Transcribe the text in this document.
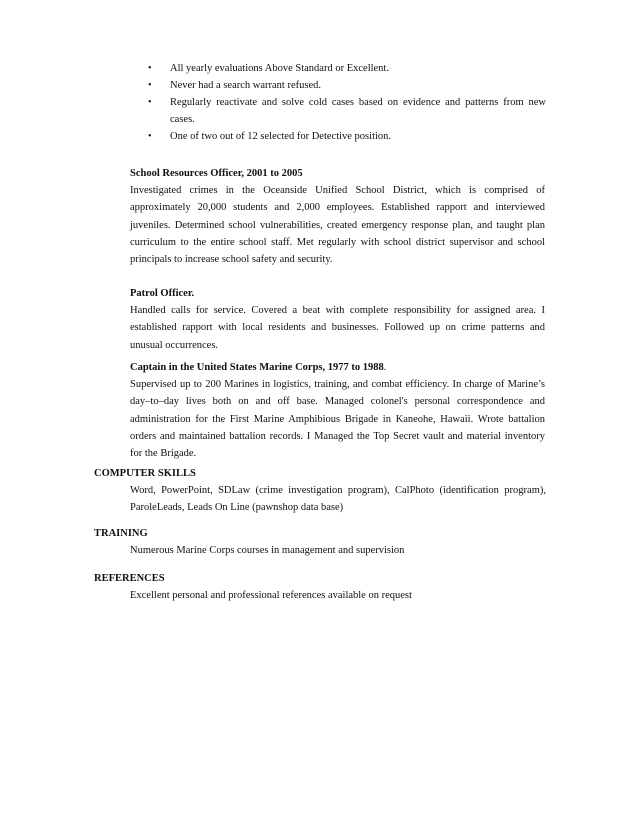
• All yearly evaluations Above Standard or Excellent.
• Never had a search warrant refused.
• Regularly reactivate and solve cold cases based on evidence and patterns from new cases.
• One of two out of 12 selected for Detective position.
School Resources Officer, 2001 to 2005

Investigated crimes in the Oceanside Unified School District, which is comprised of approximately 20,000 students and 2,000 employees. Established rapport and interviewed juveniles. Determined school vulnerabilities, created emergency response plan, and taught plan curriculum to the entire school staff. Met regularly with school district supervisor and school principals to increase school safety and security.

Patrol Officer.

Handled calls for service. Covered a beat with complete responsibility for assigned area. I established rapport with local residents and businesses. Followed up on crime patterns and unusual occurrences.

Captain in the United States Marine Corps, 1977 to 1988.

Supervised up to 200 Marines in logistics, training, and combat efficiency. In charge of Marine’s day–to–day lives both on and off base. Managed colonel's personal correspondence and administration for the First Marine Amphibious Brigade in Kaneohe, Hawaii. Wrote battalion orders and maintained battalion records. I Managed the Top Secret vault and material inventory for the Brigade.

COMPUTER SKILLS
Word, PowerPoint, SDLaw (crime investigation program), CalPhoto (identification program), ParoleLeads, Leads On Line (pawnshop data base)
TRAINING
Numerous Marine Corps courses in management and supervision
REFERENCES
Excellent personal and professional references available on request
